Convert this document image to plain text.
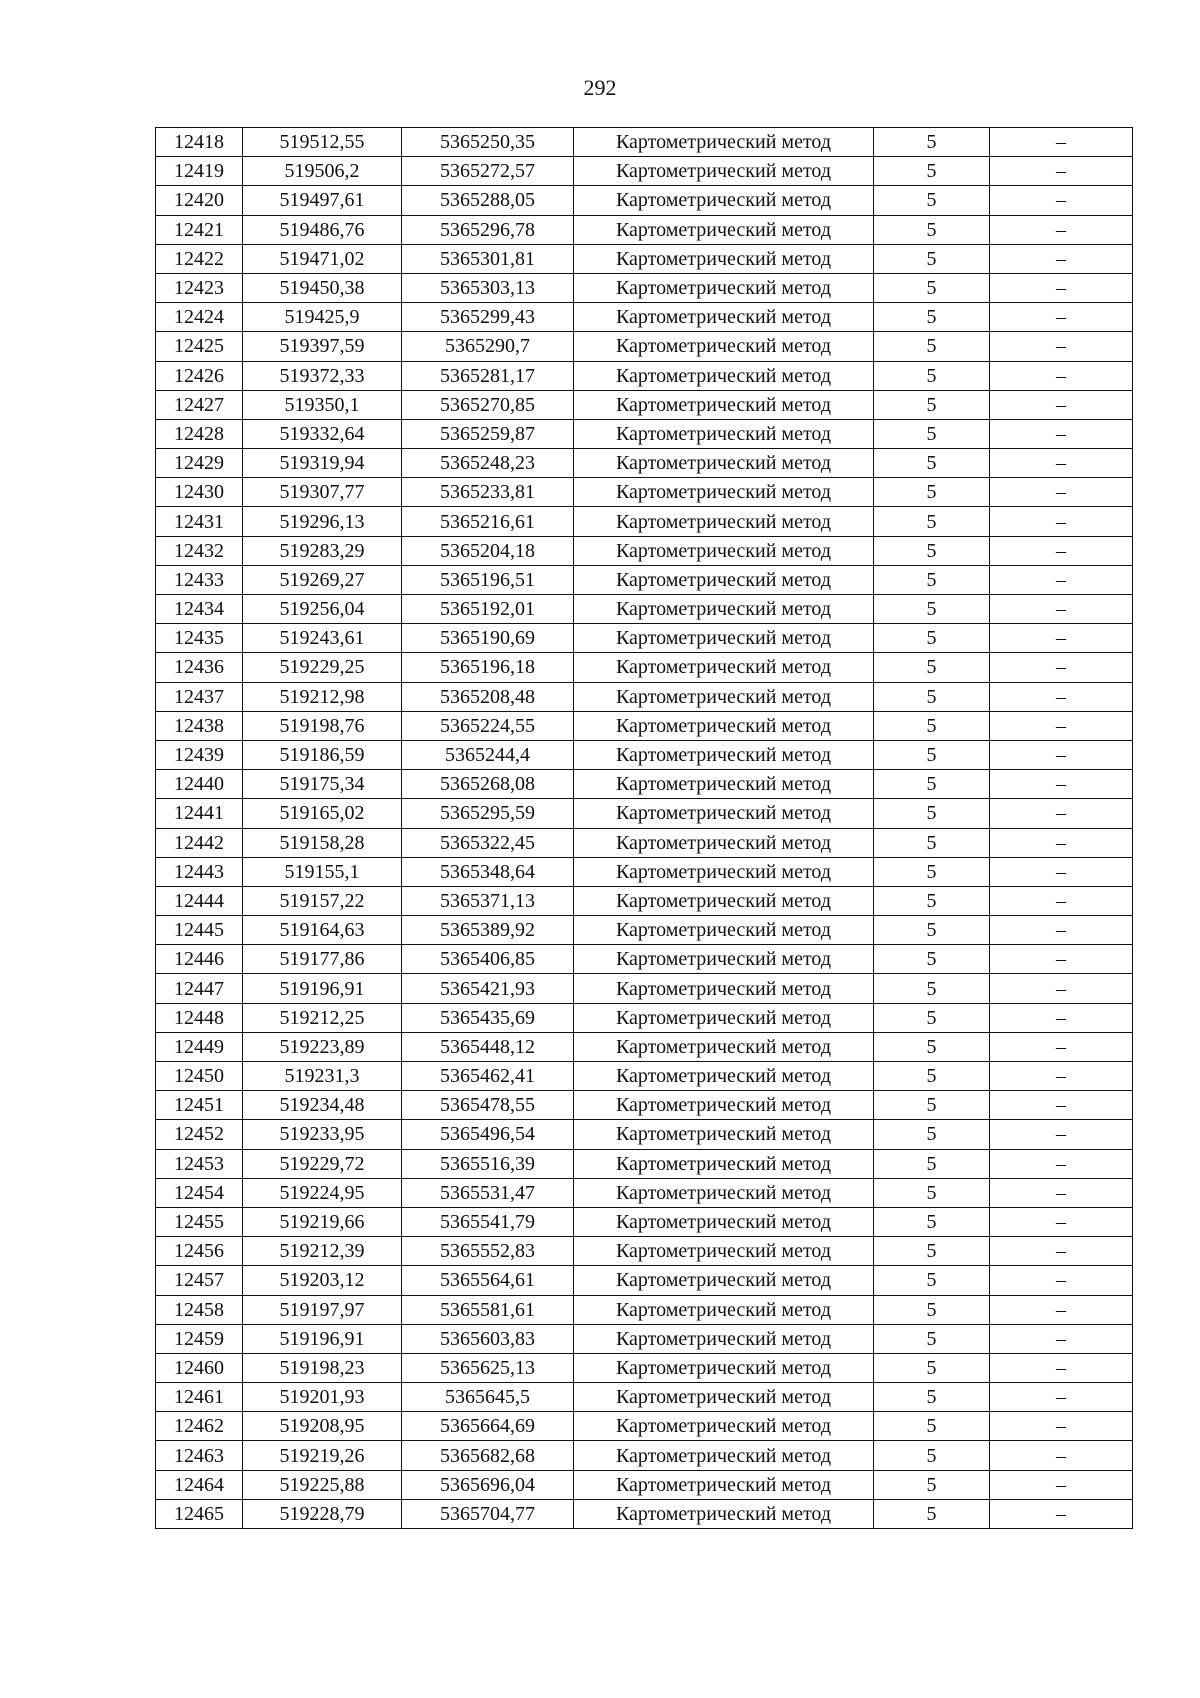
292
12418	519512,55	5365250,35	Картометрический метод	5	–
12419	519506,2	5365272,57	Картометрический метод	5	–
12420	519497,61	5365288,05	Картометрический метод	5	–
12421	519486,76	5365296,78	Картометрический метод	5	–
12422	519471,02	5365301,81	Картометрический метод	5	–
12423	519450,38	5365303,13	Картометрический метод	5	–
12424	519425,9	5365299,43	Картометрический метод	5	–
12425	519397,59	5365290,7	Картометрический метод	5	–
12426	519372,33	5365281,17	Картометрический метод	5	–
12427	519350,1	5365270,85	Картометрический метод	5	–
12428	519332,64	5365259,87	Картометрический метод	5	–
12429	519319,94	5365248,23	Картометрический метод	5	–
12430	519307,77	5365233,81	Картометрический метод	5	–
12431	519296,13	5365216,61	Картометрический метод	5	–
12432	519283,29	5365204,18	Картометрический метод	5	–
12433	519269,27	5365196,51	Картометрический метод	5	–
12434	519256,04	5365192,01	Картометрический метод	5	–
12435	519243,61	5365190,69	Картометрический метод	5	–
12436	519229,25	5365196,18	Картометрический метод	5	–
12437	519212,98	5365208,48	Картометрический метод	5	–
12438	519198,76	5365224,55	Картометрический метод	5	–
12439	519186,59	5365244,4	Картометрический метод	5	–
12440	519175,34	5365268,08	Картометрический метод	5	–
12441	519165,02	5365295,59	Картометрический метод	5	–
12442	519158,28	5365322,45	Картометрический метод	5	–
12443	519155,1	5365348,64	Картометрический метод	5	–
12444	519157,22	5365371,13	Картометрический метод	5	–
12445	519164,63	5365389,92	Картометрический метод	5	–
12446	519177,86	5365406,85	Картометрический метод	5	–
12447	519196,91	5365421,93	Картометрический метод	5	–
12448	519212,25	5365435,69	Картометрический метод	5	–
12449	519223,89	5365448,12	Картометрический метод	5	–
12450	519231,3	5365462,41	Картометрический метод	5	–
12451	519234,48	5365478,55	Картометрический метод	5	–
12452	519233,95	5365496,54	Картометрический метод	5	–
12453	519229,72	5365516,39	Картометрический метод	5	–
12454	519224,95	5365531,47	Картометрический метод	5	–
12455	519219,66	5365541,79	Картометрический метод	5	–
12456	519212,39	5365552,83	Картометрический метод	5	–
12457	519203,12	5365564,61	Картометрический метод	5	–
12458	519197,97	5365581,61	Картометрический метод	5	–
12459	519196,91	5365603,83	Картометрический метод	5	–
12460	519198,23	5365625,13	Картометрический метод	5	–
12461	519201,93	5365645,5	Картометрический метод	5	–
12462	519208,95	5365664,69	Картометрический метод	5	–
12463	519219,26	5365682,68	Картометрический метод	5	–
12464	519225,88	5365696,04	Картометрический метод	5	–
12465	519228,79	5365704,77	Картометрический метод	5	–
